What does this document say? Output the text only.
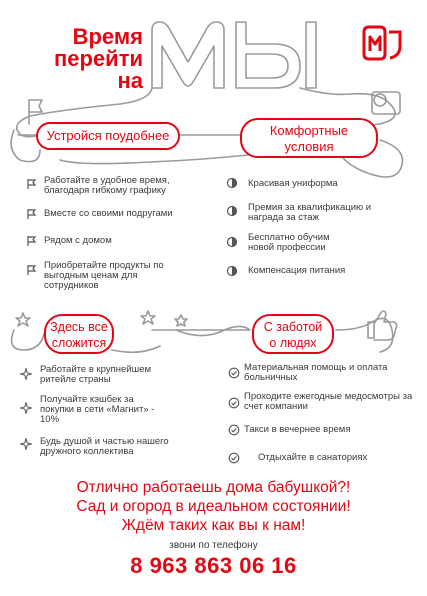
Время
перейти
на
Устройся поудобнее	Комфортные
условия
Работайте в удобное время, благодаря гибкому графику
Вместе со своими подругами
Рядом с домом
Приобретайте продукты по выгодным ценам для сотрудников
Красивая униформа
Премия за квалификацию и награда за стаж
Бесплатно обучим новой профессии
Компенсация питания
Здесь все
сложится
С заботой
о людях
Работайте в крупнейшем ритейле страны
Получайте кэшбек за покупки в сети «Магнит» - 10%
Будь душой и частью нашего дружного коллектива
Материальная помощь и оплата больничных
Проходите ежегодные медосмотры за счет компании
Такси в вечернее время
Отдыхайте в санаториях
Отлично работаешь дома бабушкой?!
Сад и огород в идеальном состоянии!
Ждём таких как вы к нам!
звони по телефону
8 963 863 06 16
